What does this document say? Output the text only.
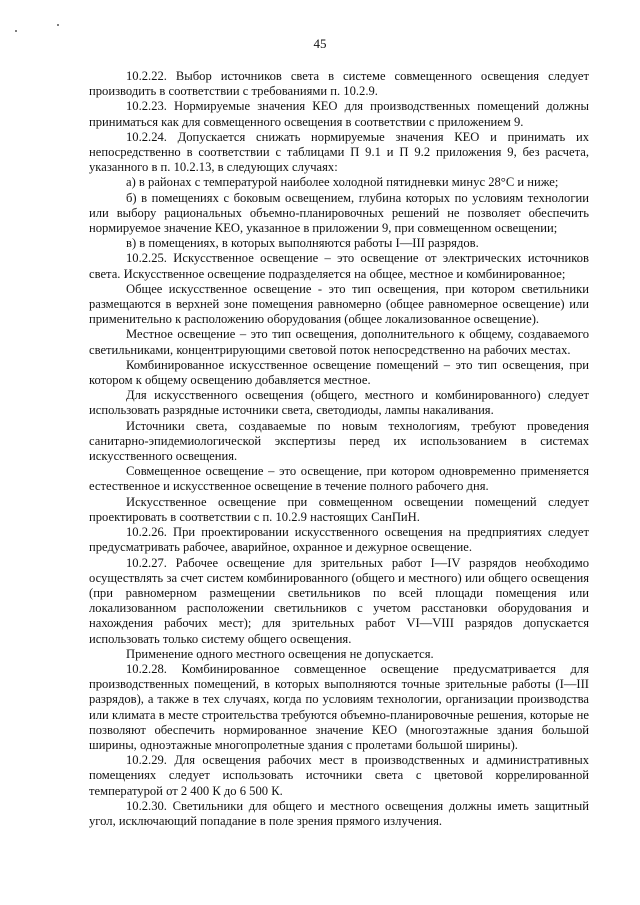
45

10.2.22. Выбор источников света в системе совмещенного освещения следует производить в соответствии с требованиями п. 10.2.9.

10.2.23. Нормируемые значения КЕО для производственных помещений должны приниматься как для совмещенного освещения в соответствии с приложением 9.

10.2.24. Допускается снижать нормируемые значения КЕО и принимать их непосредственно в соответствии с таблицами П 9.1 и П 9.2 приложения 9, без расчета, указанного в п. 10.2.13, в следующих случаях:

а) в районах с температурой наиболее холодной пятидневки минус 28°С и ниже;

б) в помещениях с боковым освещением, глубина которых по условиям технологии или выбору рациональных объемно-планировочных решений не позволяет обеспечить нормируемое значение КЕО, указанное в приложении 9, при совмещенном освещении;

в) в помещениях, в которых выполняются работы I—III разрядов.

10.2.25. Искусственное освещение – это освещение от электрических источников света. Искусственное освещение подразделяется на общее, местное и комбинированное;

Общее искусственное освещение - это тип освещения, при котором светильники размещаются в верхней зоне помещения равномерно (общее равномерное освещение) или применительно к расположению оборудования (общее локализованное освещение).

Местное освещение – это тип освещения, дополнительного к общему, создаваемого светильниками, концентрирующими световой поток непосредственно на рабочих местах.

Комбинированное искусственное освещение помещений – это тип освещения, при котором к общему освещению добавляется местное.

Для искусственного освещения (общего, местного и комбинированного) следует использовать разрядные источники света, светодиоды, лампы накаливания.

Источники света, создаваемые по новым технологиям, требуют проведения санитарно-эпидемиологической экспертизы перед их использованием в системах искусственного освещения.

Совмещенное освещение – это освещение, при котором одновременно применяется естественное и искусственное освещение в течение полного рабочего дня.

Искусственное освещение при совмещенном освещении помещений следует проектировать в соответствии с п. 10.2.9 настоящих СанПиН.

10.2.26. При проектировании искусственного освещения на предприятиях следует предусматривать рабочее, аварийное, охранное и дежурное освещение.

10.2.27. Рабочее освещение для зрительных работ I—IV разрядов необходимо осуществлять за счет систем комбинированного (общего и местного) или общего освещения (при равномерном размещении светильников по всей площади помещения или локализованном расположении светильников с учетом расстановки оборудования и нахождения рабочих мест); для зрительных работ VI—VIII разрядов допускается использовать только систему общего освещения.

Применение одного местного освещения не допускается.

10.2.28. Комбинированное совмещенное освещение предусматривается для производственных помещений, в которых выполняются точные зрительные работы (I—III разрядов), а также в тех случаях, когда по условиям технологии, организации производства или климата в месте строительства требуются объемно-планировочные решения, которые не позволяют обеспечить нормированное значение КЕО (многоэтажные здания большой ширины, одноэтажные многопролетные здания с пролетами большой ширины).

10.2.29. Для освещения рабочих мест в производственных и административных помещениях следует использовать источники света с цветовой коррелированной температурой от 2 400 К до 6 500 К.

10.2.30. Светильники для общего и местного освещения должны иметь защитный угол, исключающий попадание в поле зрения прямого излучения.
